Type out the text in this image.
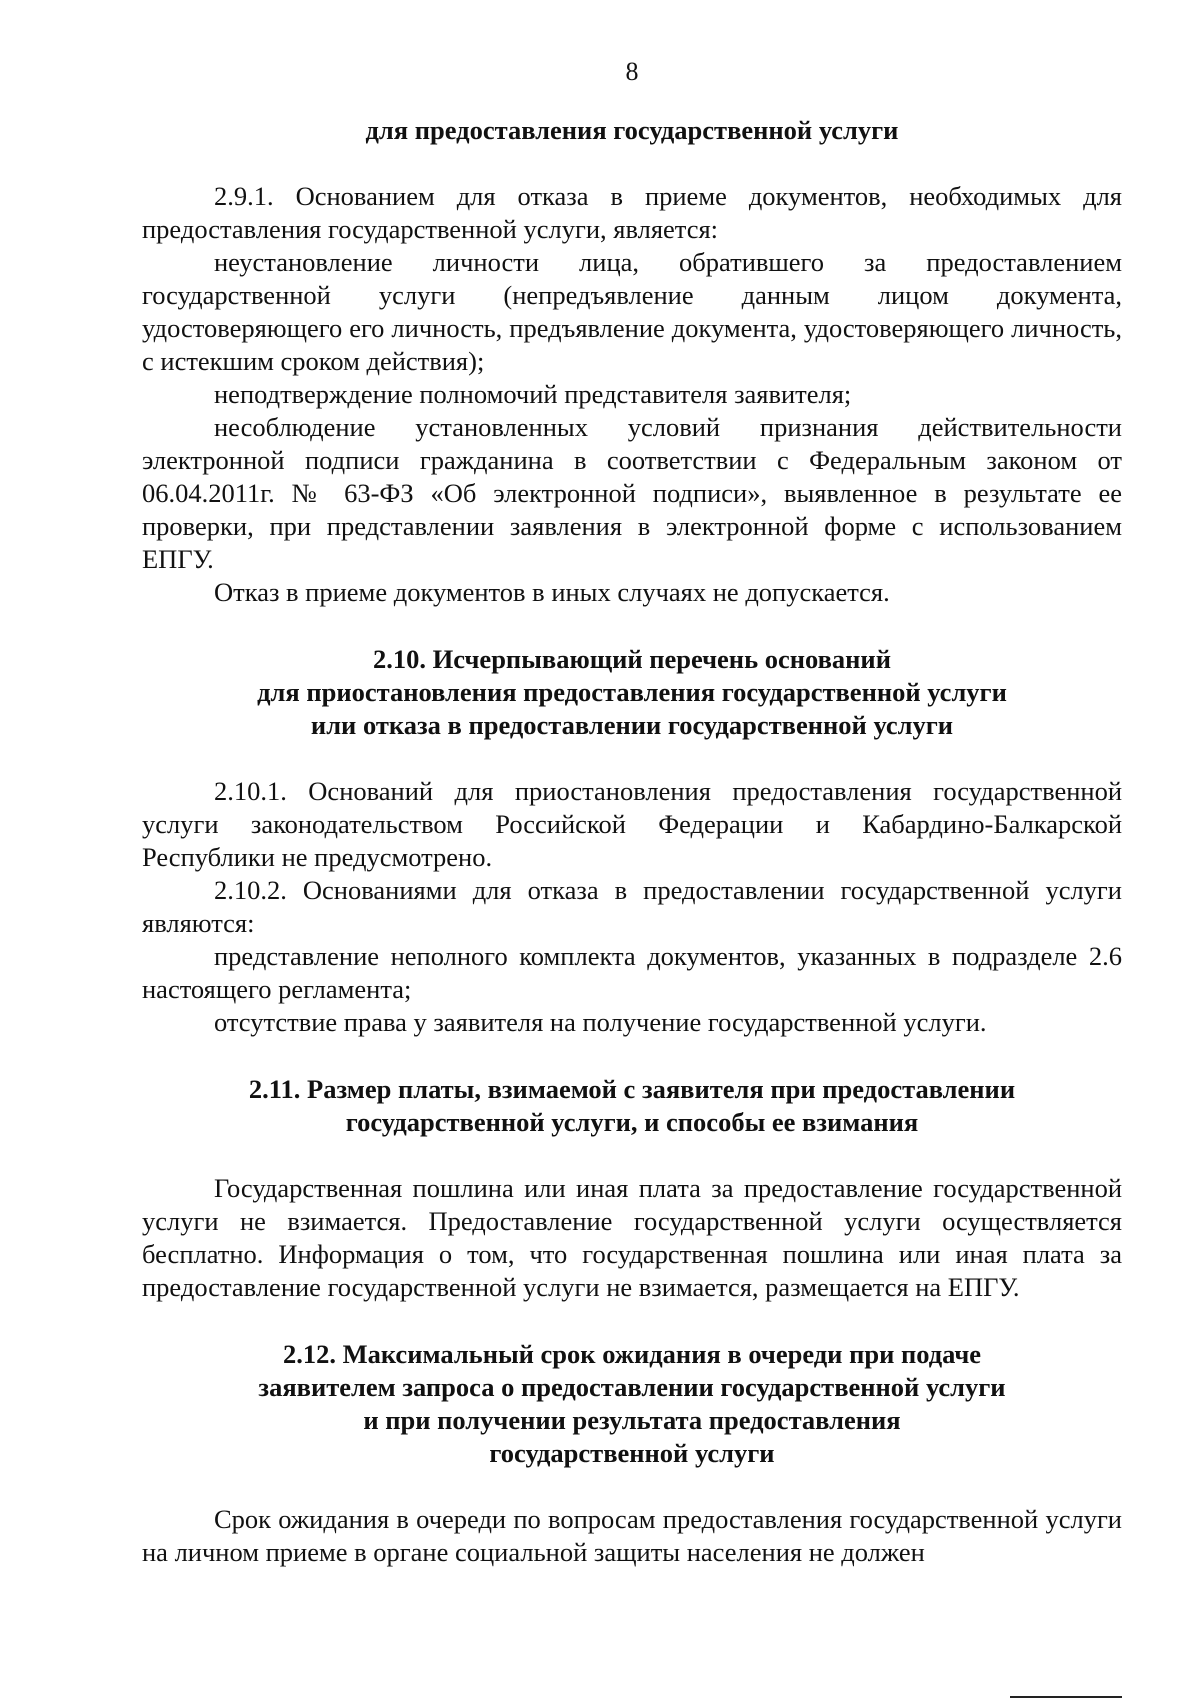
8
для предоставления государственной услуги

2.9.1. Основанием для отказа в приеме документов, необходимых для предоставления государственной услуги, является:

неустановление личности лица, обратившего за предоставлением государственной услуги (непредъявление данным лицом документа, удостоверяющего его личность, предъявление документа, удостоверяющего личность, с истекшим сроком действия);

неподтверждение полномочий представителя заявителя;

несоблюдение установленных условий признания действительности электронной подписи гражданина в соответствии с Федеральным законом от 06.04.2011г. № 63-ФЗ «Об электронной подписи», выявленное в результате ее проверки, при представлении заявления в электронной форме с использованием ЕПГУ.

Отказ в приеме документов в иных случаях не допускается.

2.10. Исчерпывающий перечень оснований
для приостановления предоставления государственной услуги
или отказа в предоставлении государственной услуги

2.10.1. Оснований для приостановления предоставления государственной услуги законодательством Российской Федерации и Кабардино-Балкарской Республики не предусмотрено.

2.10.2. Основаниями для отказа в предоставлении государственной услуги являются:

представление неполного комплекта документов, указанных в подразделе 2.6 настоящего регламента;

отсутствие права у заявителя на получение государственной услуги.

2.11. Размер платы, взимаемой с заявителя при предоставлении
государственной услуги, и способы ее взимания

Государственная пошлина или иная плата за предоставление государственной услуги не взимается. Предоставление государственной услуги осуществляется бесплатно. Информация о том, что государственная пошлина или иная плата за предоставление государственной услуги не взимается, размещается на ЕПГУ.

2.12. Максимальный срок ожидания в очереди при подаче
заявителем запроса о предоставлении государственной услуги
и при получении результата предоставления
государственной услуги

Срок ожидания в очереди по вопросам предоставления государственной услуги на личном приеме в органе социальной защиты населения не должен
